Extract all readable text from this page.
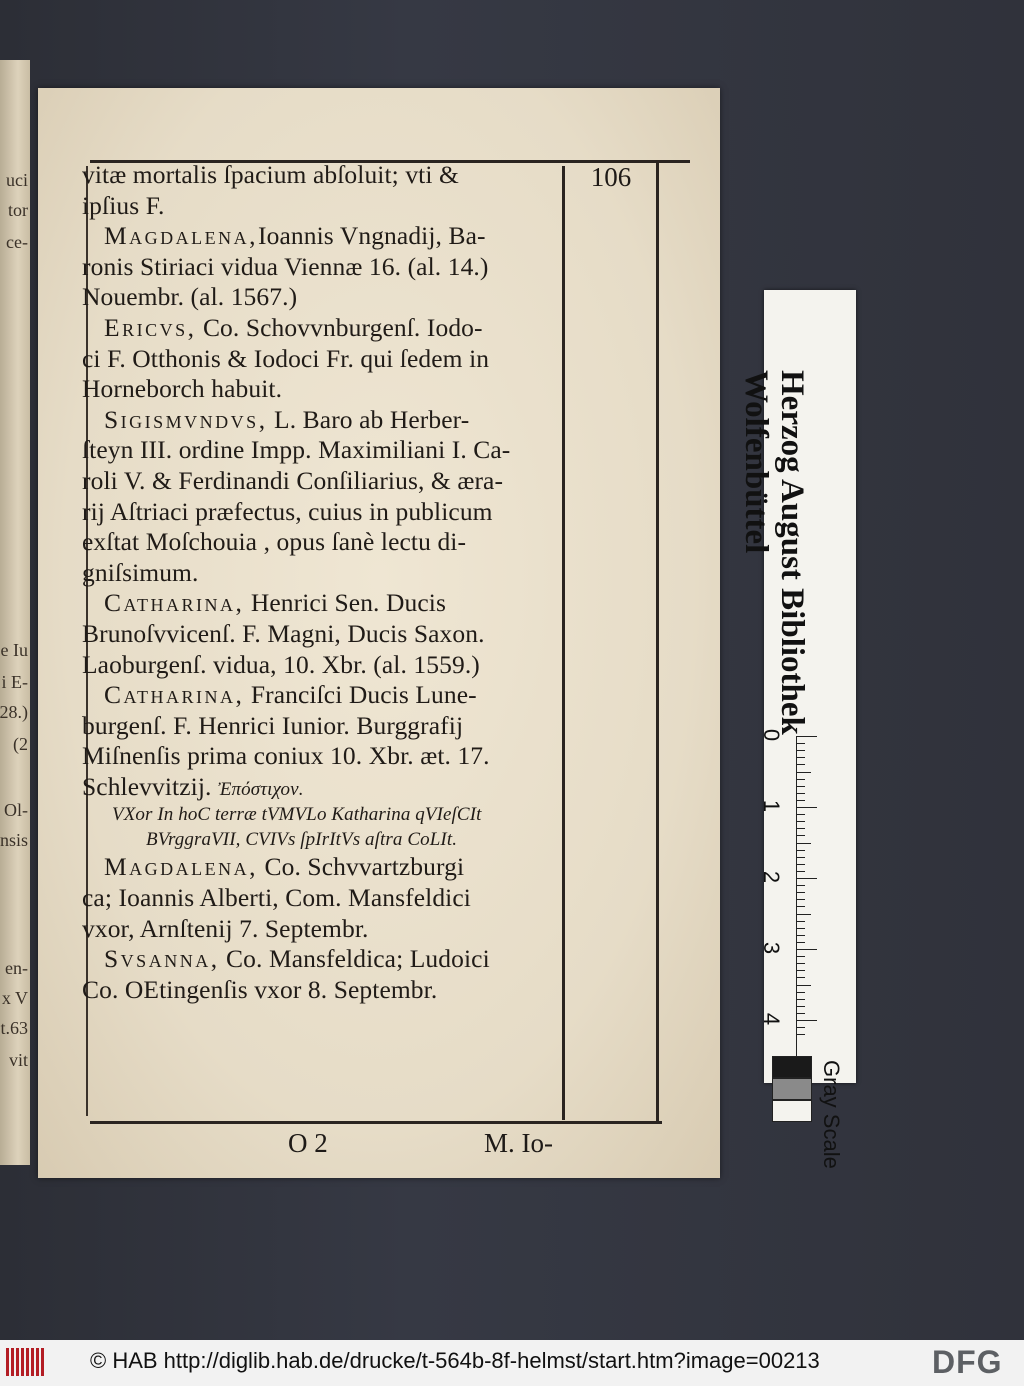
uci
tor
ce-
e Iu
i E-
28.)
(2
Ol-
nsis
en-
x V
t.63
vit
106
vitæ mortalis ſpacium abſoluit; vti &
ipſius F.
Magdalena,Ioannis Vngnadij, Ba-
ronis Stiriaci vidua Viennæ 16. (al. 14.)
Nouembr. (al. 1567.)
Ericvs, Co. Schovvnburgenſ. Iodo-
ci F. Otthonis & Iodoci Fr. qui ſedem in
Horneborch habuit.
Sigismvndvs, L. Baro ab Herber-
ſteyn III. ordine Impp. Maximiliani I. Ca-
roli V. & Ferdinandi Conſiliarius, & æra-
rij Aſtriaci præfectus, cuius in publicum
exſtat Moſchouia , opus ſanè lectu di-
gniſsimum.
Catharina, Henrici Sen. Ducis
Brunoſvvicenſ. F. Magni, Ducis Saxon.
Laoburgenſ. vidua, 10. Xbr. (al. 1559.)
Catharina, Franciſci Ducis Lune-
burgenſ. F. Henrici Iunior. Burggrafij
Miſnenſis prima coniux 10. Xbr. æt. 17.
Schlevvitzij. Ἐπόστιχον.
VXor In hoC terræ tVMVLo Katharina qVIeſCIt
BVrggraVII, CVIVs ſpIrItVs aſtra CoLIt.
Magdalena, Co. Schvvartzburgi
ca; Ioannis Alberti, Com. Mansfeldici
vxor, Arnſtenij 7. Septembr.
Svsanna, Co. Mansfeldica; Ludoici
Co. OEtingenſis vxor 8. Septembr.
O 2	M. Io-
Herzog August Bibliothek
Wolfenbüttel
0
1
2
3
4
Gray Scale
© HAB http://diglib.hab.de/drucke/t-564b-8f-helmst/start.htm?image=00213	DFG
